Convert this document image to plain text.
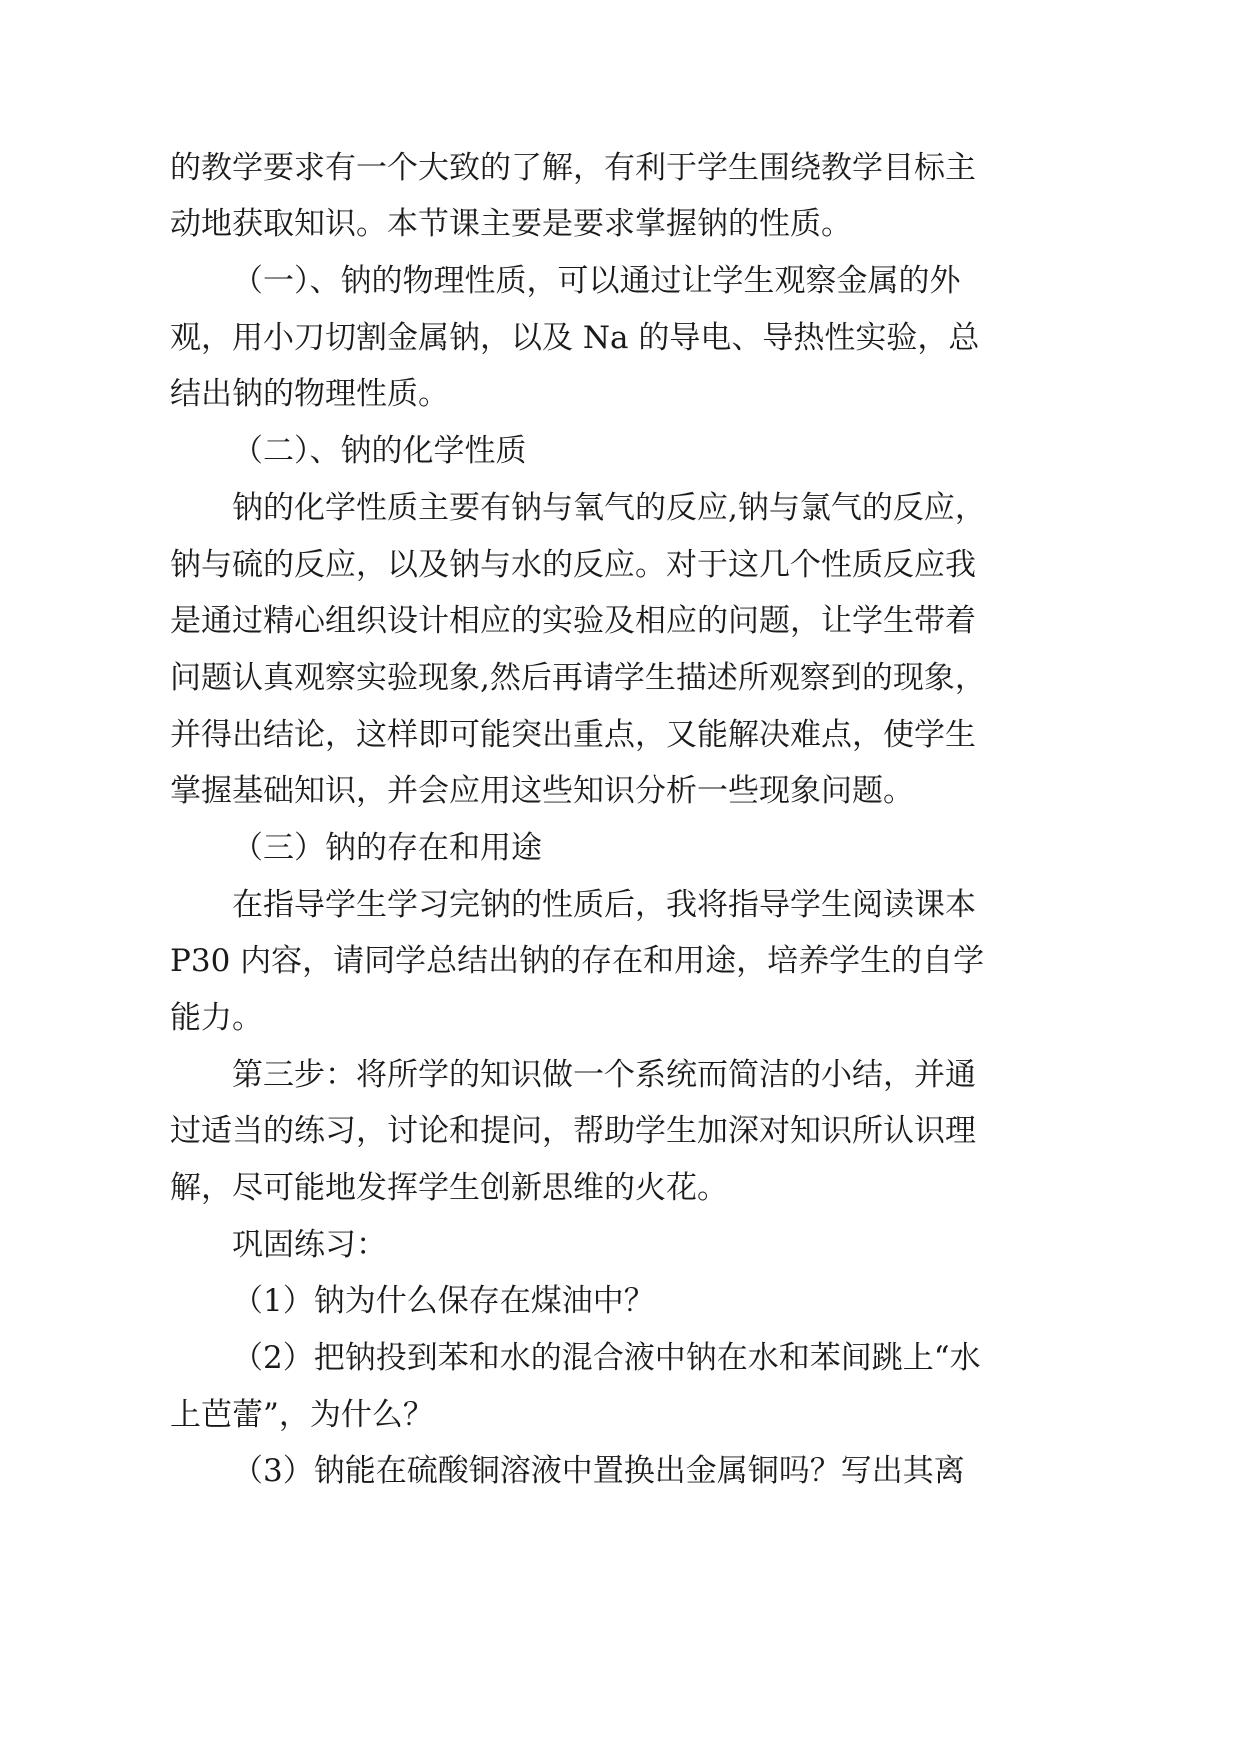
的教学要求有一个大致的了解，有利于学生围绕教学目标主
动地获取知识。本节课主要是要求掌握钠的性质。
（一）、钠的物理性质，可以通过让学生观察金属的外
观，用小刀切割金属钠，以及 Na 的导电、导热性实验，总
结出钠的物理性质。
（二）、钠的化学性质
钠的化学性质主要有钠与氧气的反应,钠与氯气的反应，
钠与硫的反应，以及钠与水的反应。对于这几个性质反应我
是通过精心组织设计相应的实验及相应的问题，让学生带着
问题认真观察实验现象,然后再请学生描述所观察到的现象，
并得出结论，这样即可能突出重点，又能解决难点，使学生
掌握基础知识，并会应用这些知识分析一些现象问题。
（三）钠的存在和用途
在指导学生学习完钠的性质后，我将指导学生阅读课本
P30 内容，请同学总结出钠的存在和用途，培养学生的自学
能力。
第三步：将所学的知识做一个系统而简洁的小结，并通
过适当的练习，讨论和提问，帮助学生加深对知识所认识理
解，尽可能地发挥学生创新思维的火花。
巩固练习：
（1）钠为什么保存在煤油中？
（2）把钠投到苯和水的混合液中钠在水和苯间跳上“水
上芭蕾”，为什么？
（3）钠能在硫酸铜溶液中置换出金属铜吗？写出其离
